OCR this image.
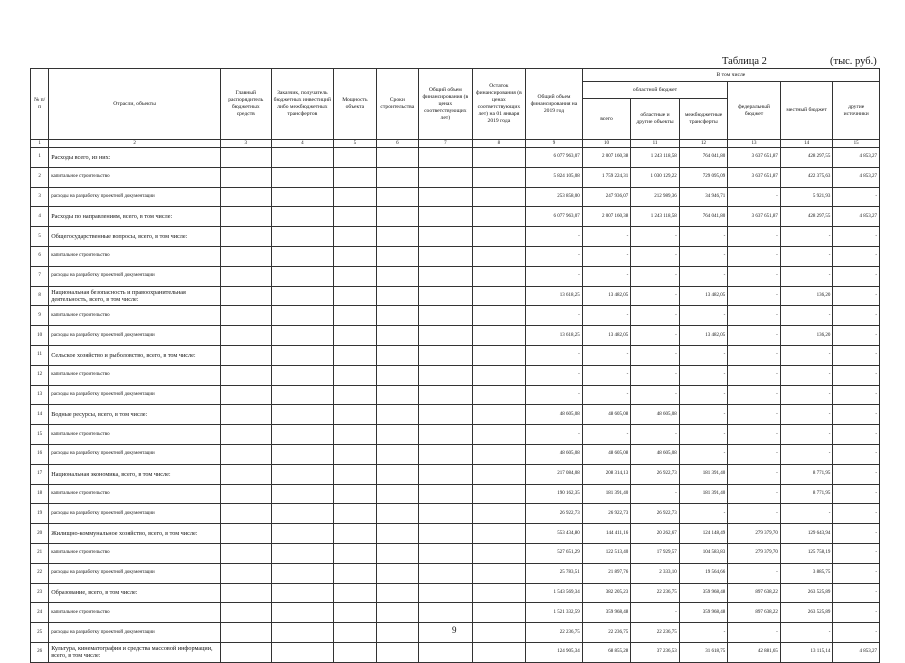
Таблица 2	(тыс. руб.)
№ п/п	Отрасли, объекты	Главный распорядитель бюджетных средств	Заказчик, получатель бюджетных инвестиций либо межбюджетных трансфертов	Мощность объекта	Сроки строительства	Общий объем финансирования (в ценах соответствующих лет)	Остаток финансирования (в ценах соответствующих лет) на 01 января 2019 года	Общий объем финансирования на 2019 год	В том числе					
									областной бюджет			федеральный бюджет	местный бюджет	другие источники
									всего	областные и другие объекты	межбюджетные трансферты			
1	2	3	4	5	6	7	8	9	10	11	12	13	14	15
1	Расходы всего, из них:							6 077 963,07	2 007 160,38	1 243 118,58	764 041,80	3 637 651,87	428 297,55	4 853,27
2	капитальное строительство							5 824 105,08	1 759 224,31	1 030 129,22	729 095,09	3 637 651,87	422 375,63	4 853,27
3	расходы на разработку проектной документации							253 858,00	247 936,07	212 989,36	34 946,71	-	5 921,93	-
4	Расходы по направлениям, всего, в том числе:							6 077 963,07	2 007 160,38	1 243 118,58	764 041,80	3 637 651,87	428 297,55	4 853,27
5	Общегосударственные вопросы, всего, в том числе:							-	-	-	-	-	-	-
6	капитальное строительство							-	-	-	-	-	-	-
7	расходы на разработку проектной документации							-	-	-	-	-	-	-
8	Национальная безопасность и правоохранительная деятельность, всего, в том числе:							13 618,25	13 482,05	-	13 482,05	-	136,20	-
9	капитальное строительство							-	-	-	-	-	-	-
10	расходы на разработку проектной документации							13 618,25	13 482,05	-	13 482,05	-	136,20	-
11	Сельское хозяйство и рыболовство, всего, в том числе:							-	-	-	-	-	-	-
12	капитальное строительство							-	-	-	-	-	-	-
13	расходы на разработку проектной документации							-	-	-	-	-	-	-
14	Водные ресурсы, всего, в том числе:							48 605,08	48 605,08	48 605,08	-	-	-	-
15	капитальное строительство							-	-	-	-	-	-	-
16	расходы на разработку проектной документации							48 605,08	48 605,08	48 605,08	-	-	-	-
17	Национальная экономика, всего, в том числе:							217 084,08	208 314,13	26 922,73	181 391,40	-	8 771,95	-
18	капитальное строительство							190 162,35	181 391,40	-	181 391,40	-	8 771,95	-
19	расходы на разработку проектной документации							26 922,73	26 922,73	26 922,73	-	-	-	-
20	Жилищно-коммунальное хозяйство, всего, в том числе:							553 434,80	144 411,16	20 262,67	124 148,49	279 379,70	129 643,94	-
21	капитальное строительство							527 651,29	122 513,40	17 929,57	104 583,83	279 379,70	125 758,19	-
22	расходы на разработку проектной документации							25 783,51	21 897,76	2 333,10	19 564,66	-	3 885,75	-
23	Образование, всего, в том числе:							1 543 569,34	382 205,23	22 236,75	359 968,48	897 638,22	263 525,89	-
24	капитальное строительство							1 521 332,59	359 968,48	-	359 968,48	897 638,22	263 525,89	-
25	расходы на разработку проектной документации							22 236,75	22 236,75	22 236,75	-	-	-	-
26	Культура, кинематография и средства массовой информации, всего, в том числе:							124 905,34	68 855,28	37 236,53	31 618,75	42 881,65	13 115,14	4 853,27
9
